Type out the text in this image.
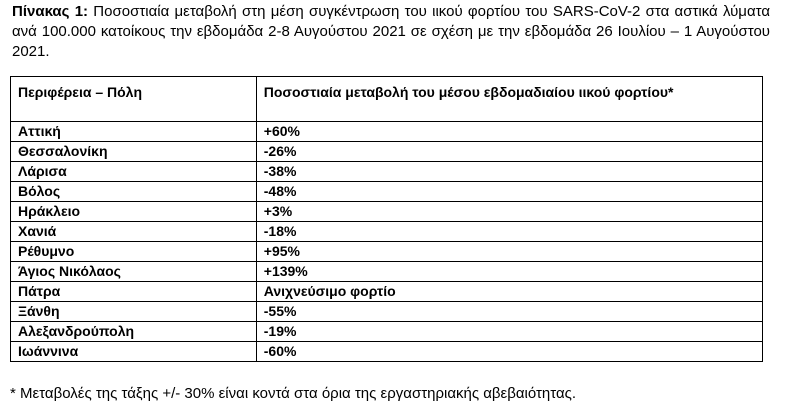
Πίνακας 1: Ποσοστιαία μεταβολή στη μέση συγκέντρωση του ιικού φορτίου του SARS-CoV-2 στα αστικά λύματα ανά 100.000 κατοίκους την εβδομάδα 2-8 Αυγούστου 2021 σε σχέση με την εβδομάδα 26 Ιουλίου – 1 Αυγούστου 2021.
Περιφέρεια – Πόλη	Ποσοστιαία μεταβολή του μέσου εβδομαδιαίου ιικού φορτίου*
Αττική	+60%
Θεσσαλονίκη	-26%
Λάρισα	-38%
Βόλος	-48%
Ηράκλειο	+3%
Χανιά	-18%
Ρέθυμνο	+95%
Άγιος Νικόλαος	+139%
Πάτρα	Ανιχνεύσιμο φορτίο
Ξάνθη	-55%
Αλεξανδρούπολη	-19%
Ιωάννινα	-60%
* Μεταβολές της τάξης +/- 30% είναι κοντά στα όρια της εργαστηριακής αβεβαιότητας.
